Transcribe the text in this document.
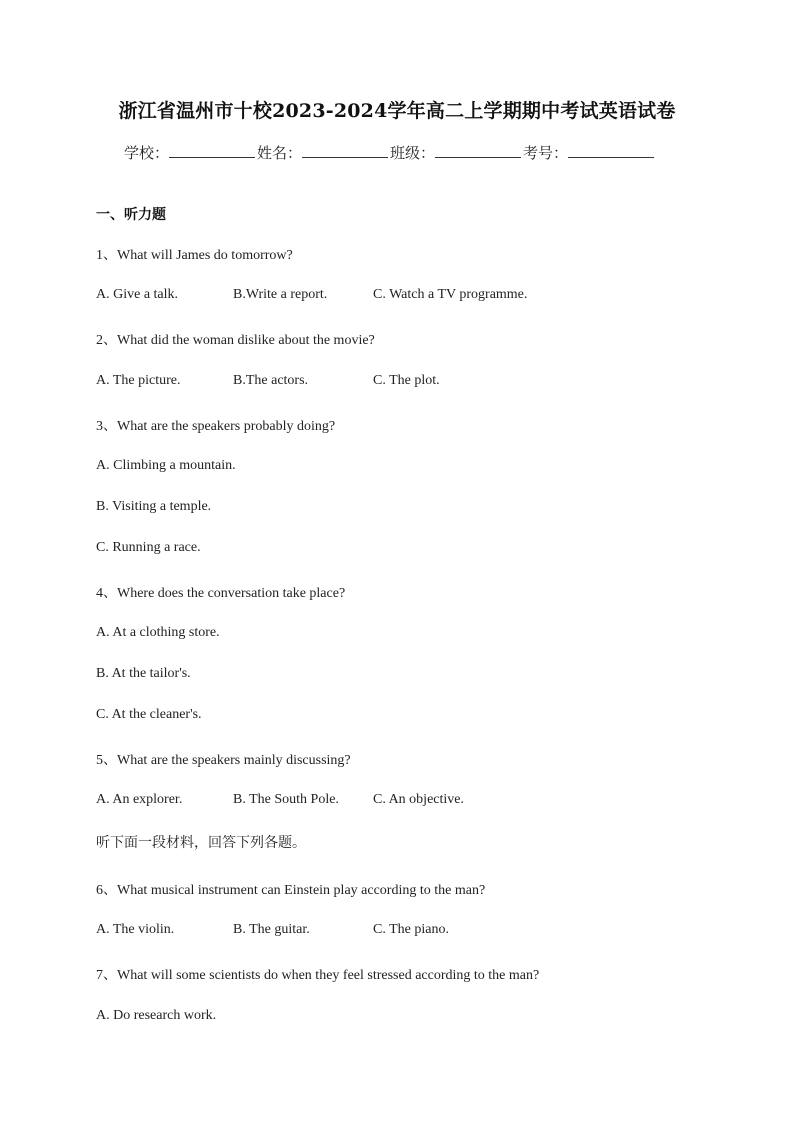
浙江省温州市十校2023-2024学年高二上学期期中考试英语试卷
学校：	姓名：	班级：	考号：
一、听力题
1、What will James do tomorrow?
A. Give a talk.	B.Write a report.	C. Watch a TV programme.
2、What did the woman dislike about the movie?
A. The picture.	B.The actors.	C. The plot.
3、What are the speakers probably doing?
A. Climbing a mountain.
B. Visiting a temple.
C. Running a race.
4、Where does the conversation take place?
A. At a clothing store.
B. At the tailor's.
C. At the cleaner's.
5、What are the speakers mainly discussing?
A. An explorer.	B. The South Pole. C. An objective.
听下面一段材料，回答下列各题。
6、What musical instrument can Einstein play according to the man?
A. The violin.	B. The guitar.	C. The piano.
7、What will some scientists do when they feel stressed according to the man?
A. Do research work.
